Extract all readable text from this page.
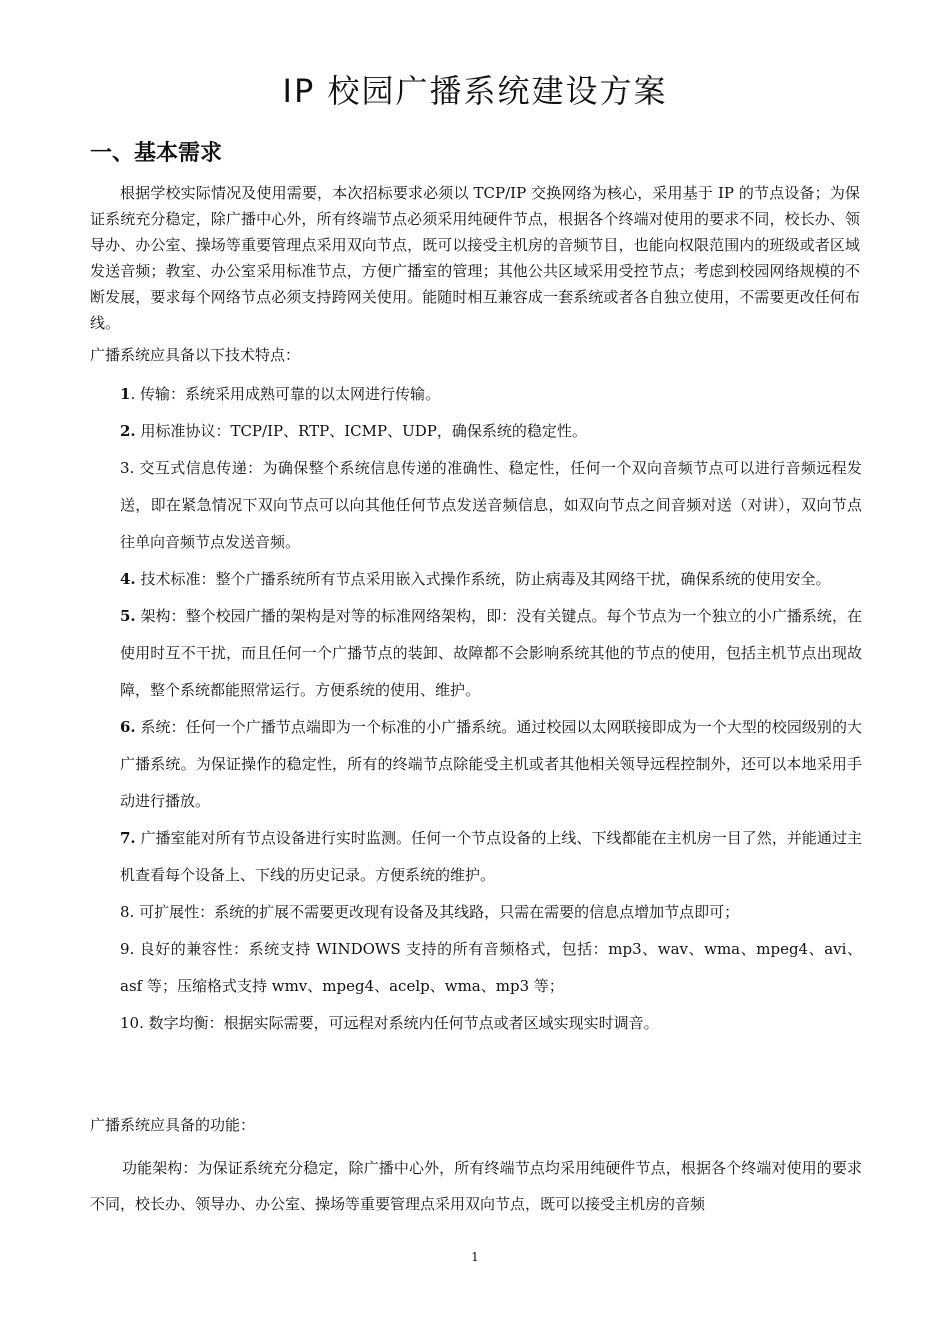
IP 校园广播系统建设方案
一、基本需求

根据学校实际情况及使用需要，本次招标要求必须以 TCP/IP 交换网络为核心，采用基于 IP 的节点设备；为保证系统充分稳定，除广播中心外，所有终端节点必须采用纯硬件节点，根据各个终端对使用的要求不同，校长办、领导办、办公室、操场等重要管理点采用双向节点，既可以接受主机房的音频节目，也能向权限范围内的班级或者区域发送音频；教室、办公室采用标准节点，方便广播室的管理；其他公共区域采用受控节点；考虑到校园网络规模的不断发展，要求每个网络节点必须支持跨网关使用。能随时相互兼容成一套系统或者各自独立使用，不需要更改任何布线。

广播系统应具备以下技术特点：

1. 传输：系统采用成熟可靠的以太网进行传输。
2. 用标准协议：TCP/IP、RTP、ICMP、UDP，确保系统的稳定性。
3. 交互式信息传递：为确保整个系统信息传递的准确性、稳定性，任何一个双向音频节点可以进行音频远程发送，即在紧急情况下双向节点可以向其他任何节点发送音频信息，如双向节点之间音频对送（对讲），双向节点往单向音频节点发送音频。
4. 技术标准：整个广播系统所有节点采用嵌入式操作系统，防止病毒及其网络干扰，确保系统的使用安全。
5. 架构：整个校园广播的架构是对等的标准网络架构，即：没有关键点。每个节点为一个独立的小广播系统，在使用时互不干扰，而且任何一个广播节点的装卸、故障都不会影响系统其他的节点的使用，包括主机节点出现故障，整个系统都能照常运行。方便系统的使用、维护。
6. 系统：任何一个广播节点端即为一个标准的小广播系统。通过校园以太网联接即成为一个大型的校园级别的大广播系统。为保证操作的稳定性，所有的终端节点除能受主机或者其他相关领导远程控制外，还可以本地采用手动进行播放。
7. 广播室能对所有节点设备进行实时监测。任何一个节点设备的上线、下线都能在主机房一目了然，并能通过主机查看每个设备上、下线的历史记录。方便系统的维护。
8. 可扩展性：系统的扩展不需要更改现有设备及其线路，只需在需要的信息点增加节点即可；
9. 良好的兼容性：系统支持 WINDOWS 支持的所有音频格式，包括：mp3、wav、wma、mpeg4、avi、asf 等；压缩格式支持 wmv、mpeg4、acelp、wma、mp3 等；
10. 数字均衡：根据实际需要，可远程对系统内任何节点或者区域实现实时调音。

广播系统应具备的功能：

功能架构：为保证系统充分稳定，除广播中心外，所有终端节点均采用纯硬件节点，根据各个终端对使用的要求不同，校长办、领导办、办公室、操场等重要管理点采用双向节点，既可以接受主机房的音频

1
